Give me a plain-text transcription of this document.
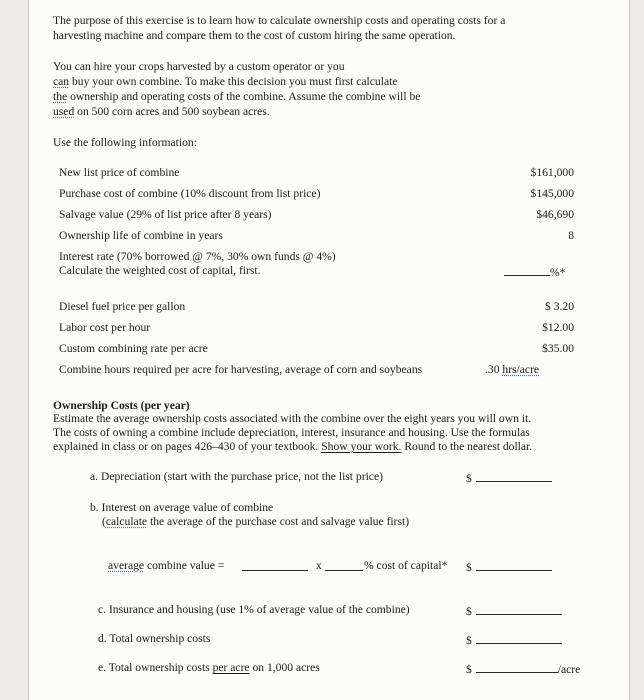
The purpose of this exercise is to learn how to calculate ownership costs and operating costs for a
harvesting machine and compare them to the cost of custom hiring the same operation.
You can hire your crops harvested by a custom operator or you
can buy your own combine. To make this decision you must first calculate
the ownership and operating costs of the combine. Assume the combine will be
used on 500 corn acres and 500 soybean acres.
Use the following information:
New list price of combine	$161,000
Purchase cost of combine (10% discount from list price)	$145,000
Salvage value (29% of list price after 8 years)	$46,690
Ownership life of combine in years	8
Interest rate (70% borrowed @ 7%, 30% own funds @ 4%)
Calculate the weighted cost of capital, first.	%*
Diesel fuel price per gallon	$ 3.20
Labor cost per hour	$12.00
Custom combining rate per acre	$35.00
Combine hours required per acre for harvesting, average of corn and soybeans	.30 hrs/acre
Ownership Costs (per year)
Estimate the average ownership costs associated with the combine over the eight years you will own it.
The costs of owning a combine include depreciation, interest, insurance and housing. Use the formulas
explained in class or on pages 426–430 of your textbook. Show your work. Round to the nearest dollar.
a. Depreciation (start with the purchase price, not the list price)	$
b. Interest on average value of combine
(calculate the average of the purchase cost and salvage value first)
average combine value =	x	% cost of capital* $
c. Insurance and housing (use 1% of average value of the combine)	$
d. Total ownership costs	$
e. Total ownership costs per acre on 1,000 acres	$	/acre
